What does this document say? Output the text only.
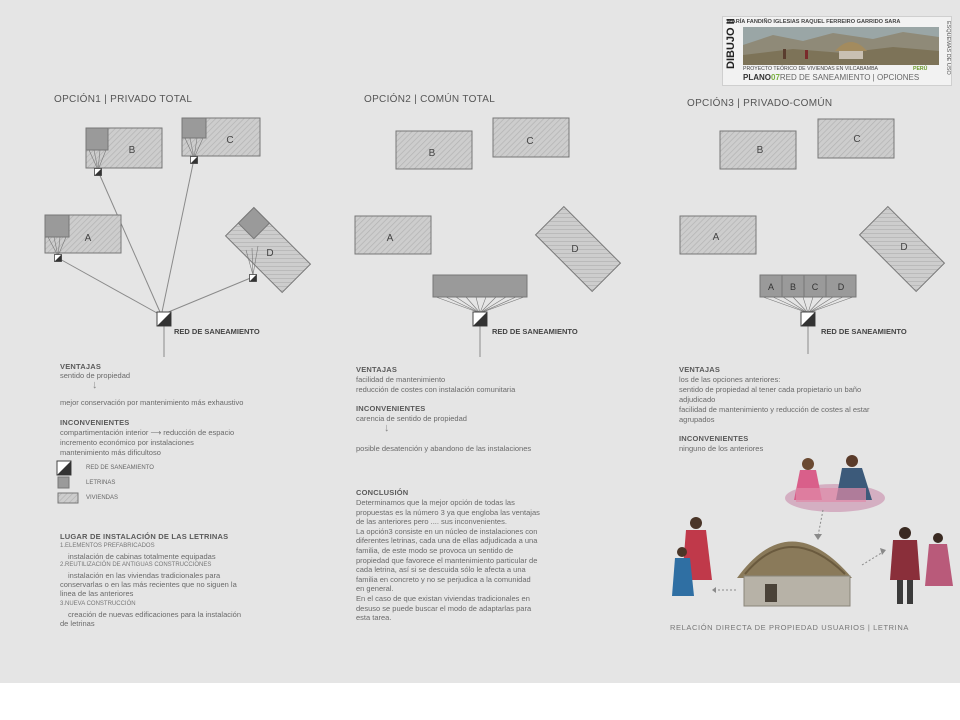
MARÍA FANDIÑO IGLESIAS RAQUEL FERREIRO GARRIDO SARA
DIBUJO II PROYECTO TEÓRICO DE VIVIENDAS EN VILCABAMBA	PERÚ
PLANO07RED DE SANEAMIENTO | OPCIONES
ESQUEMAS DE USO
OPCIÓN1 | PRIVADO TOTAL	OPCIÓN2 | COMÚN TOTAL	OPCIÓN3 | PRIVADO-COMÚN
B
C
A
D
B
C
A
D
B
C
A
D
A B C D
RED DE SANEAMIENTO	RED DE SANEAMIENTO	RED DE SANEAMIENTO
VENTAJAS
sentido de propiedad
↓
mejor conservación por mantenimiento más exhaustivo
INCONVENIENTES
compartimentación interior ⟶ reducción de espacio
incremento económico por instalaciones
mantenimiento más dificultoso
RED DE SANEAMIENTO
LETRINAS
VIVIENDAS
LUGAR DE INSTALACIÓN DE LAS LETRINAS
1.ELEMENTOS PREFABRICADOS
instalación de cabinas totalmente equipadas
2.REUTILIZACIÓN DE ANTIGUAS CONSTRUCCIONES
instalación en las viviendas tradicionales para
conservarlas o en las más recientes que no siguen la
linea de las anteriores
3.NUEVA CONSTRUCCIÓN
creación de nuevas edificaciones para la instalación
de letrinas
VENTAJAS
facilidad de mantenimiento
reducción de costes con instalación comunitaria
INCONVENIENTES
carencia de sentido de propiedad
↓
posible desatención y abandono de las instalaciones
CONCLUSIÓN
Determinamos que la mejor opción de todas las
propuestas es la número 3 ya que engloba las ventajas
de las anteriores pero .... sus inconvenientes.
La opción3 consiste en un núcleo de instalaciones con
diferentes letrinas, cada una de ellas adjudicada a una
familia, de este modo se provoca un sentido de
propiedad que favorece el mantenimiento particular de
cada letrina, así si se descuida sólo le afecta a una
familia en concreto y no se perjudica a la comunidad
en general.
En el caso de que existan viviendas tradicionales en
desuso se puede buscar el modo de adaptarlas para
esta tarea.
VENTAJAS
los de las opciones anteriores:
sentido de propiedad al tener cada propietario un baño
adjudicado
facilidad de mantenimiento y reducción de costes al estar
agrupados
INCONVENIENTES
ninguno de los anteriores
RELACIÓN DIRECTA DE PROPIEDAD USUARIOS | LETRINA
